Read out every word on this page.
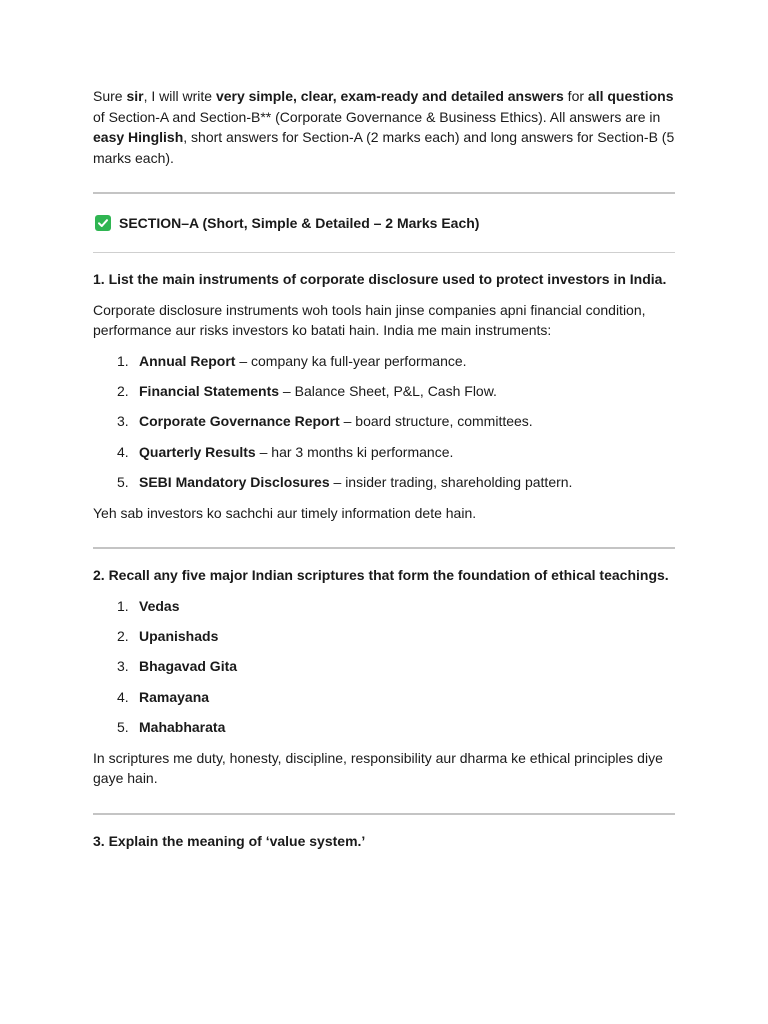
Sure sir, I will write very simple, clear, exam-ready and detailed answers for all questions of Section-A and Section-B** (Corporate Governance & Business Ethics). All answers are in easy Hinglish, short answers for Section-A (2 marks each) and long answers for Section-B (5 marks each).

SECTION–A (Short, Simple & Detailed – 2 Marks Each)

1. List the main instruments of corporate disclosure used to protect investors in India.

Corporate disclosure instruments woh tools hain jinse companies apni financial condition, performance aur risks investors ko batati hain. India me main instruments:

1. Annual Report – company ka full-year performance.
2. Financial Statements – Balance Sheet, P&L, Cash Flow.
3. Corporate Governance Report – board structure, committees.
4. Quarterly Results – har 3 months ki performance.
5. SEBI Mandatory Disclosures – insider trading, shareholding pattern.

Yeh sab investors ko sachchi aur timely information dete hain.

2. Recall any five major Indian scriptures that form the foundation of ethical teachings.

1. Vedas
2. Upanishads
3. Bhagavad Gita
4. Ramayana
5. Mahabharata

In scriptures me duty, honesty, discipline, responsibility aur dharma ke ethical principles diye gaye hain.

3. Explain the meaning of ‘value system.’
